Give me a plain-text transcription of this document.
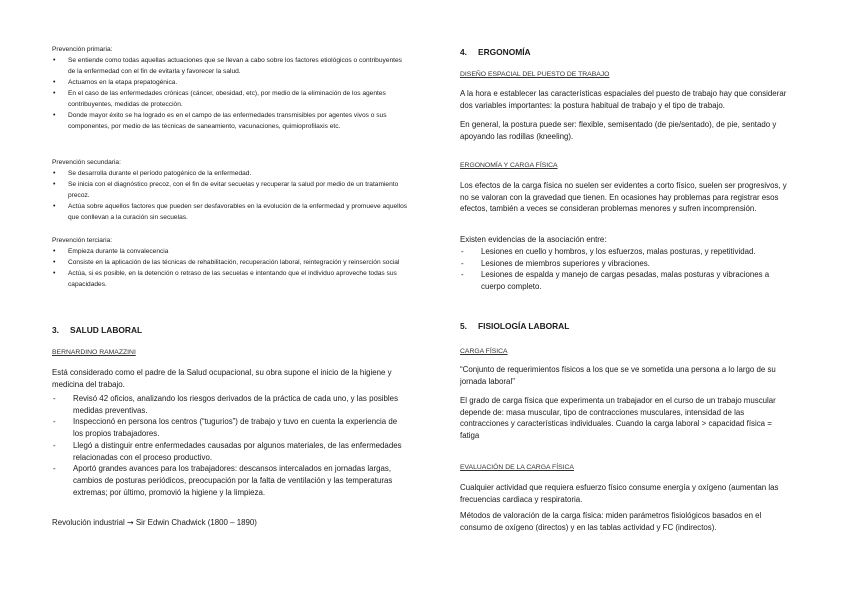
Prevención primaria:
• Se entiende como todas aquellas actuaciones que se llevan a cabo sobre los factores etiológicos o contribuyentes de la enfermedad con el fin de evitarla y favorecer la salud.
• Actuamos en la etapa prepatogénica.
• En el caso de las enfermedades crónicas (cáncer, obesidad, etc), por medio de la eliminación de los agentes contribuyentes, medidas de protección.
• Donde mayor éxito se ha logrado es en el campo de las enfermedades transmisibles por agentes vivos o sus componentes, por medio de las técnicas de saneamiento, vacunaciones, quimioprofilaxis etc.
Prevención secundaria:
• Se desarrolla durante el período patogénico de la enfermedad.
• Se inicia con el diagnóstico precoz, con el fin de evitar secuelas y recuperar la salud por medio de un tratamiento precoz.
• Actúa sobre aquellos factores que pueden ser desfavorables en la evolución de la enfermedad y promueve aquellos que conllevan a la curación sin secuelas.
Prevención terciaria:
• Empieza durante la convalecencia
• Consiste en la aplicación de las técnicas de rehabilitación, recuperación laboral, reintegración y reinserción social
• Actúa, si es posible, en la detención o retraso de las secuelas e intentando que el individuo aproveche todas sus capacidades.
3. SALUD LABORAL
BERNARDINO RAMAZZINI
Está considerado como el padre de la Salud ocupacional, su obra supone el inicio de la higiene y medicina del trabajo.
- Revisó 42 oficios, analizando los riesgos derivados de la práctica de cada uno, y las posibles medidas preventivas.
- Inspeccionó en persona los centros (“tugurios”) de trabajo y tuvo en cuenta la experiencia de los propios trabajadores.
- Llegó a distinguir entre enfermedades causadas por algunos materiales, de las enfermedades relacionadas con el proceso productivo.
- Aportó grandes avances para los trabajadores: descansos intercalados en jornadas largas, cambios de posturas periódicos, preocupación por la falta de ventilación y las temperaturas extremas; por último, promovió la higiene y la limpieza.
Revolución industrial → Sir Edwin Chadwick (1800 – 1890)
4. ERGONOMÍA
DISEÑO ESPACIAL DEL PUESTO DE TRABAJO
A la hora e establecer las características espaciales del puesto de trabajo hay que considerar dos variables importantes: la postura habitual de trabajo y el tipo de trabajo.
En general, la postura puede ser: flexible, semisentado (de pie/sentado), de pie, sentado y apoyando las rodillas (kneeling).
ERGONOMÍA Y CARGA FÍSICA
Los efectos de la carga física no suelen ser evidentes a corto físico, suelen ser progresivos, y no se valoran con la gravedad que tienen. En ocasiones hay problemas para registrar esos efectos, también a veces se consideran problemas menores y sufren incomprensión.
Existen evidencias de la asociación entre:
- Lesiones en cuello y hombros, y los esfuerzos, malas posturas, y repetitividad.
- Lesiones de miembros superiores y vibraciones.
- Lesiones de espalda y manejo de cargas pesadas, malas posturas y vibraciones a cuerpo completo.
5. FISIOLOGÍA LABORAL
CARGA FÍSICA
“Conjunto de requerimientos físicos a los que se ve sometida una persona a lo largo de su jornada laboral”
El grado de carga física que experimenta un trabajador en el curso de un trabajo muscular depende de: masa muscular, tipo de contracciones musculares, intensidad de las contracciones y características individuales. Cuando la carga laboral > capacidad física = fatiga
EVALUACIÓN DE LA CARGA FÍSICA
Cualquier actividad que requiera esfuerzo físico consume energía y oxígeno (aumentan las frecuencias cardiaca y respiratoria.
Métodos de valoración de la carga física: miden parámetros fisiológicos basados en el consumo de oxígeno (directos) y en las tablas actividad y FC (indirectos).
